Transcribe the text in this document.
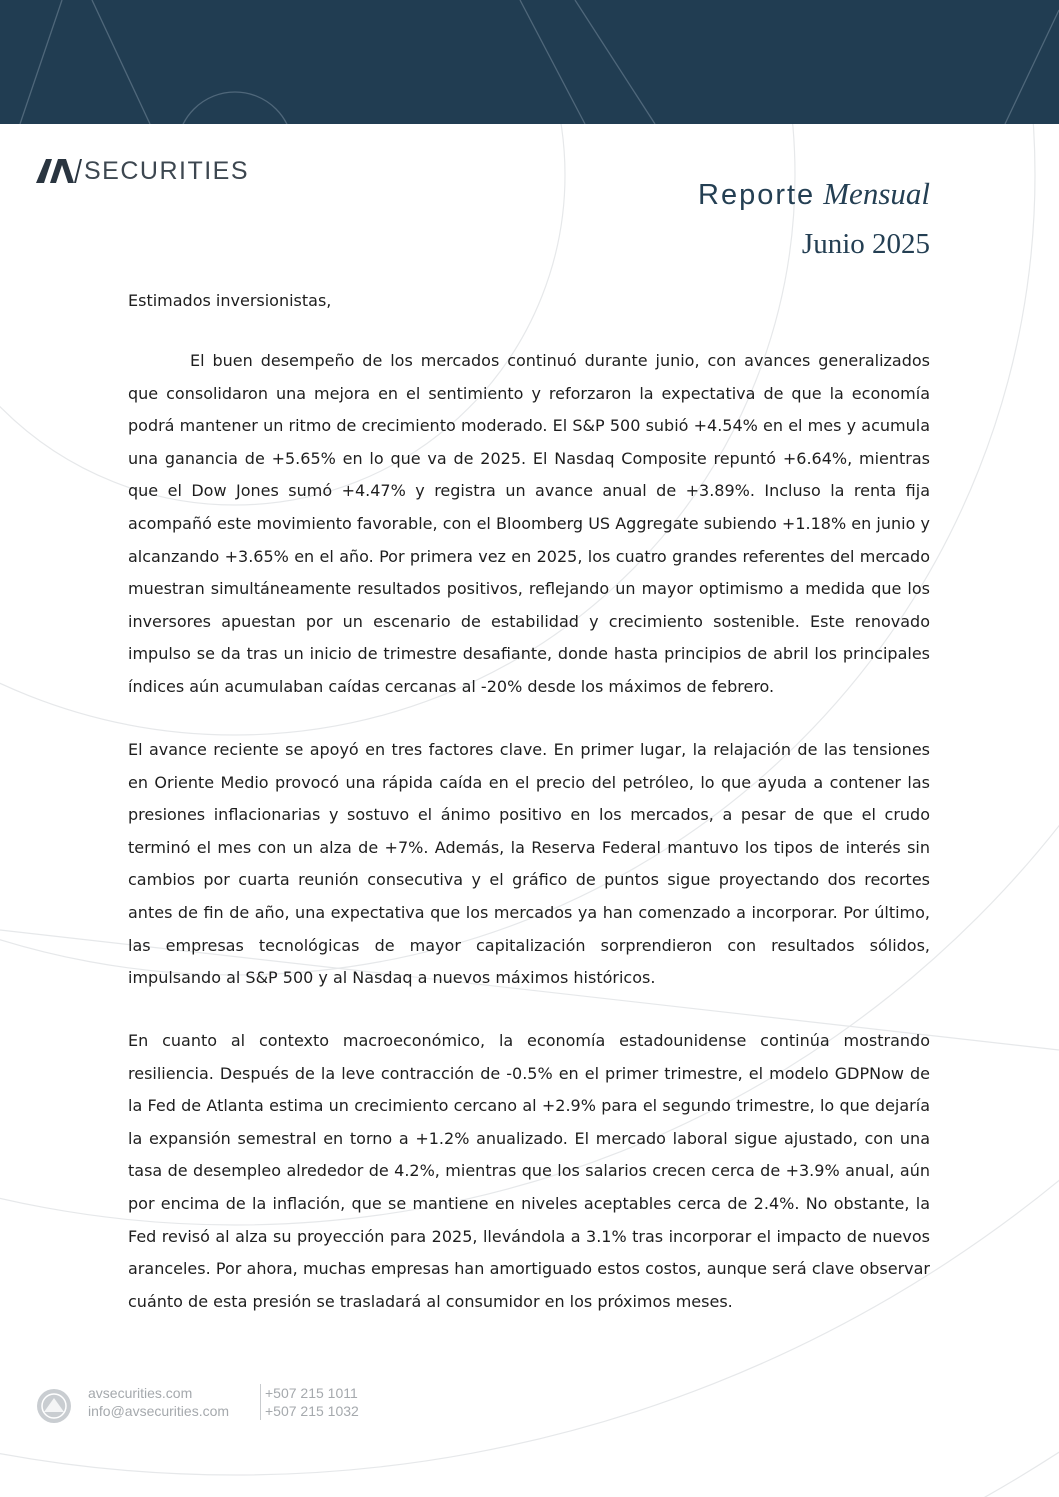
SECURITIES
Reporte Mensual
Junio 2025
Estimados inversionistas,

El buen desempeño de los mercados continuó durante junio, con avances generalizados que consolidaron una mejora en el sentimiento y reforzaron la expectativa de que la economía podrá mantener un ritmo de crecimiento moderado. El S&P 500 subió +4.54% en el mes y acumula una ganancia de +5.65% en lo que va de 2025. El Nasdaq Composite repuntó +6.64%, mientras que el Dow Jones sumó +4.47% y registra un avance anual de +3.89%. Incluso la renta fija acompañó este movimiento favorable, con el Bloomberg US Aggregate subiendo +1.18% en junio y alcanzando +3.65% en el año. Por primera vez en 2025, los cuatro grandes referentes del mercado muestran simultáneamente resultados positivos, reflejando un mayor optimismo a medida que los inversores apuestan por un escenario de estabilidad y crecimiento sostenible. Este renovado impulso se da tras un inicio de trimestre desafiante, donde hasta principios de abril los principales índices aún acumulaban caídas cercanas al -20% desde los máximos de febrero.

El avance reciente se apoyó en tres factores clave. En primer lugar, la relajación de las tensiones en Oriente Medio provocó una rápida caída en el precio del petróleo, lo que ayuda a contener las presiones inflacionarias y sostuvo el ánimo positivo en los mercados, a pesar de que el crudo terminó el mes con un alza de +7%. Además, la Reserva Federal mantuvo los tipos de interés sin cambios por cuarta reunión consecutiva y el gráfico de puntos sigue proyectando dos recortes antes de fin de año, una expectativa que los mercados ya han comenzado a incorporar. Por último, las empresas tecnológicas de mayor capitalización sorprendieron con resultados sólidos, impulsando al S&P 500 y al Nasdaq a nuevos máximos históricos.

En cuanto al contexto macroeconómico, la economía estadounidense continúa mostrando resiliencia. Después de la leve contracción de -0.5% en el primer trimestre, el modelo GDPNow de la Fed de Atlanta estima un crecimiento cercano al +2.9% para el segundo trimestre, lo que dejaría la expansión semestral en torno a +1.2% anualizado. El mercado laboral sigue ajustado, con una tasa de desempleo alrededor de 4.2%, mientras que los salarios crecen cerca de +3.9% anual, aún por encima de la inflación, que se mantiene en niveles aceptables cerca de 2.4%. No obstante, la Fed revisó al alza su proyección para 2025, llevándola a 3.1% tras incorporar el impacto de nuevos aranceles. Por ahora, muchas empresas han amortiguado estos costos, aunque será clave observar cuánto de esta presión se trasladará al consumidor en los próximos meses.

avsecurities.com
info@avsecurities.com
+507 215 1011
+507 215 1032
